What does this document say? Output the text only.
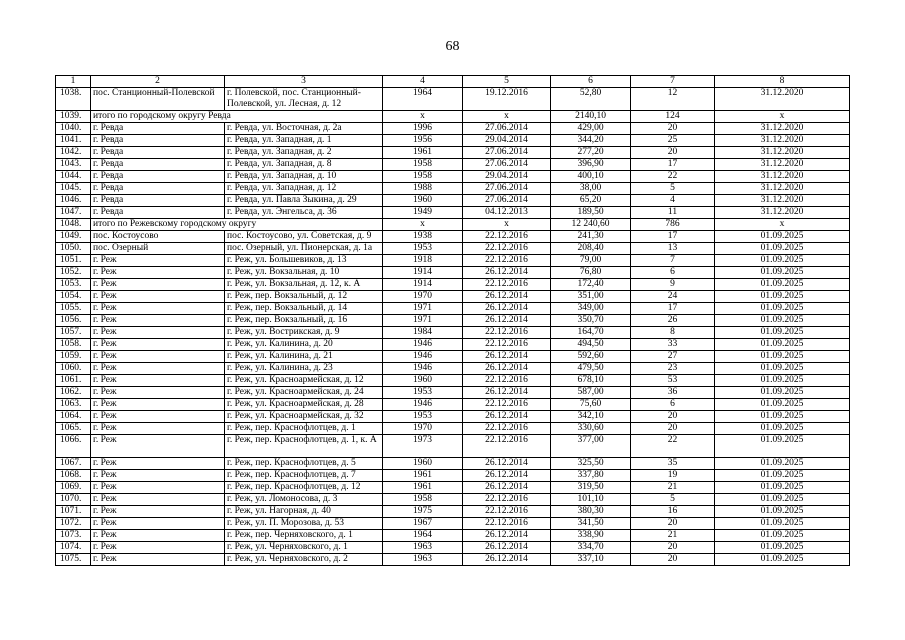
68
1	2	3	4	5	6	7	8
1038.	пос. Станционный-Полевской	г. Полевской, пос. Станционный-Полевской, ул. Лесная, д. 12	1964	19.12.2016	52,80	12	31.12.2020
1039.	итого по городскому округу Ревда		x	x	2140,10	124	x
1040.	г. Ревда	г. Ревда, ул. Восточная, д. 2а	1996	27.06.2014	429,00	20	31.12.2020
1041.	г. Ревда	г. Ревда, ул. Западная, д. 1	1956	29.04.2014	344,20	25	31.12.2020
1042.	г. Ревда	г. Ревда, ул. Западная, д. 2	1961	27.06.2014	277,20	20	31.12.2020
1043.	г. Ревда	г. Ревда, ул. Западная, д. 8	1958	27.06.2014	396,90	17	31.12.2020
1044.	г. Ревда	г. Ревда, ул. Западная, д. 10	1958	29.04.2014	400,10	22	31.12.2020
1045.	г. Ревда	г. Ревда, ул. Западная, д. 12	1988	27.06.2014	38,00	5	31.12.2020
1046.	г. Ревда	г. Ревда, ул. Павла Зыкина, д. 29	1960	27.06.2014	65,20	4	31.12.2020
1047.	г. Ревда	г. Ревда, ул. Энгельса, д. 36	1949	04.12.2013	189,50	11	31.12.2020
1048.	итого по Режевскому городскому округу		x	x	12 240,60	786	x
1049.	пос. Костоусово	пос. Костоусово, ул. Советская, д. 9	1938	22.12.2016	241,30	17	01.09.2025
1050.	пос. Озерный	пос. Озерный, ул. Пионерская, д. 1а	1953	22.12.2016	208,40	13	01.09.2025
1051.	г. Реж	г. Реж, ул. Большевиков, д. 13	1918	22.12.2016	79,00	7	01.09.2025
1052.	г. Реж	г. Реж, ул. Вокзальная, д. 10	1914	26.12.2014	76,80	6	01.09.2025
1053.	г. Реж	г. Реж, ул. Вокзальная, д. 12, к. А	1914	22.12.2016	172,40	9	01.09.2025
1054.	г. Реж	г. Реж, пер. Вокзальный, д. 12	1970	26.12.2014	351,00	24	01.09.2025
1055.	г. Реж	г. Реж, пер. Вокзальный, д. 14	1971	26.12.2014	349,00	17	01.09.2025
1056.	г. Реж	г. Реж, пер. Вокзальный, д. 16	1971	26.12.2014	350,70	26	01.09.2025
1057.	г. Реж	г. Реж, ул. Вострикская, д. 9	1984	22.12.2016	164,70	8	01.09.2025
1058.	г. Реж	г. Реж, ул. Калинина, д. 20	1946	22.12.2016	494,50	33	01.09.2025
1059.	г. Реж	г. Реж, ул. Калинина, д. 21	1946	26.12.2014	592,60	27	01.09.2025
1060.	г. Реж	г. Реж, ул. Калинина, д. 23	1946	26.12.2014	479,50	23	01.09.2025
1061.	г. Реж	г. Реж, ул. Красноармейская, д. 12	1960	22.12.2016	678,10	53	01.09.2025
1062.	г. Реж	г. Реж, ул. Красноармейская, д. 24	1953	26.12.2014	587,00	36	01.09.2025
1063.	г. Реж	г. Реж, ул. Красноармейская, д. 28	1946	22.12.2016	75,60	6	01.09.2025
1064.	г. Реж	г. Реж, ул. Красноармейская, д. 32	1953	26.12.2014	342,10	20	01.09.2025
1065.	г. Реж	г. Реж, пер. Краснофлотцев, д. 1	1970	22.12.2016	330,60	20	01.09.2025
1066.	г. Реж	г. Реж, пер. Краснофлотцев, д. 1, к. А	1973	22.12.2016	377,00	22	01.09.2025
1067.	г. Реж	г. Реж, пер. Краснофлотцев, д. 5	1960	26.12.2014	325,50	35	01.09.2025
1068.	г. Реж	г. Реж, пер. Краснофлотцев, д. 7	1961	26.12.2014	337,80	19	01.09.2025
1069.	г. Реж	г. Реж, пер. Краснофлотцев, д. 12	1961	26.12.2014	319,50	21	01.09.2025
1070.	г. Реж	г. Реж, ул. Ломоносова, д. 3	1958	22.12.2016	101,10	5	01.09.2025
1071.	г. Реж	г. Реж, ул. Нагорная, д. 40	1975	22.12.2016	380,30	16	01.09.2025
1072.	г. Реж	г. Реж, ул. П. Морозова, д. 53	1967	22.12.2016	341,50	20	01.09.2025
1073.	г. Реж	г. Реж, пер. Черняховского, д. 1	1964	26.12.2014	338,90	21	01.09.2025
1074.	г. Реж	г. Реж, ул. Черняховского, д. 1	1963	26.12.2014	334,70	20	01.09.2025
1075.	г. Реж	г. Реж, ул. Черняховского, д. 2	1963	26.12.2014	337,10	20	01.09.2025
